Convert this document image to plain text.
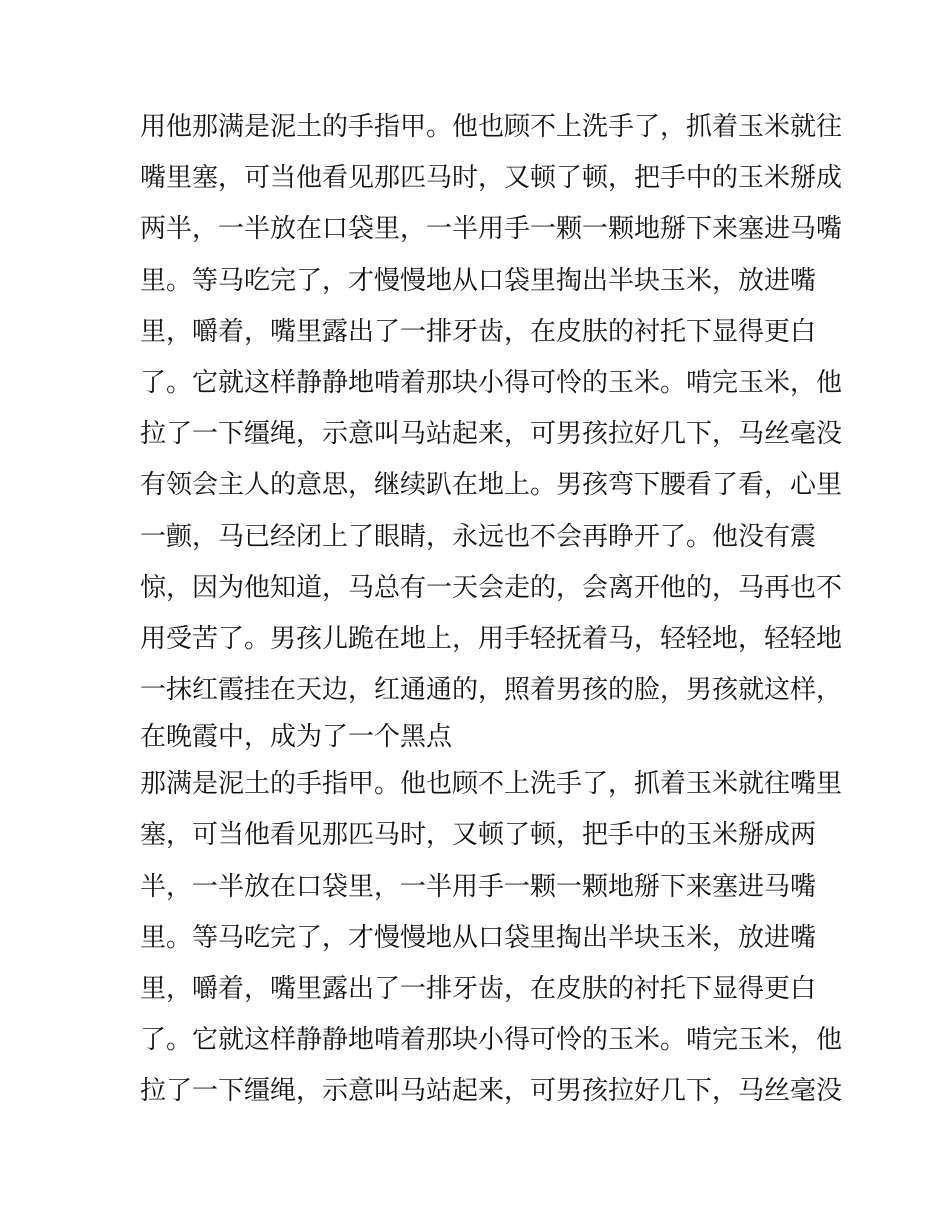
用他那满是泥土的手指甲。他也顾不上洗手了，抓着玉米就往
嘴里塞，可当他看见那匹马时，又顿了顿，把手中的玉米掰成
两半，一半放在口袋里，一半用手一颗一颗地掰下来塞进马嘴
里。等马吃完了，才慢慢地从口袋里掏出半块玉米，放进嘴
里，嚼着，嘴里露出了一排牙齿，在皮肤的衬托下显得更白
了。它就这样静静地啃着那块小得可怜的玉米。啃完玉米，他
拉了一下缰绳，示意叫马站起来，可男孩拉好几下，马丝毫没
有领会主人的意思，继续趴在地上。男孩弯下腰看了看，心里
一颤，马已经闭上了眼睛，永远也不会再睁开了。他没有震
惊，因为他知道，马总有一天会走的，会离开他的，马再也不
用受苦了。男孩儿跪在地上，用手轻抚着马，轻轻地，轻轻地
一抹红霞挂在天边，红通通的，照着男孩的脸，男孩就这样，
在晚霞中，成为了一个黑点
那满是泥土的手指甲。他也顾不上洗手了，抓着玉米就往嘴里
塞，可当他看见那匹马时，又顿了顿，把手中的玉米掰成两
半，一半放在口袋里，一半用手一颗一颗地掰下来塞进马嘴
里。等马吃完了，才慢慢地从口袋里掏出半块玉米，放进嘴
里，嚼着，嘴里露出了一排牙齿，在皮肤的衬托下显得更白
了。它就这样静静地啃着那块小得可怜的玉米。啃完玉米，他
拉了一下缰绳，示意叫马站起来，可男孩拉好几下，马丝毫没
